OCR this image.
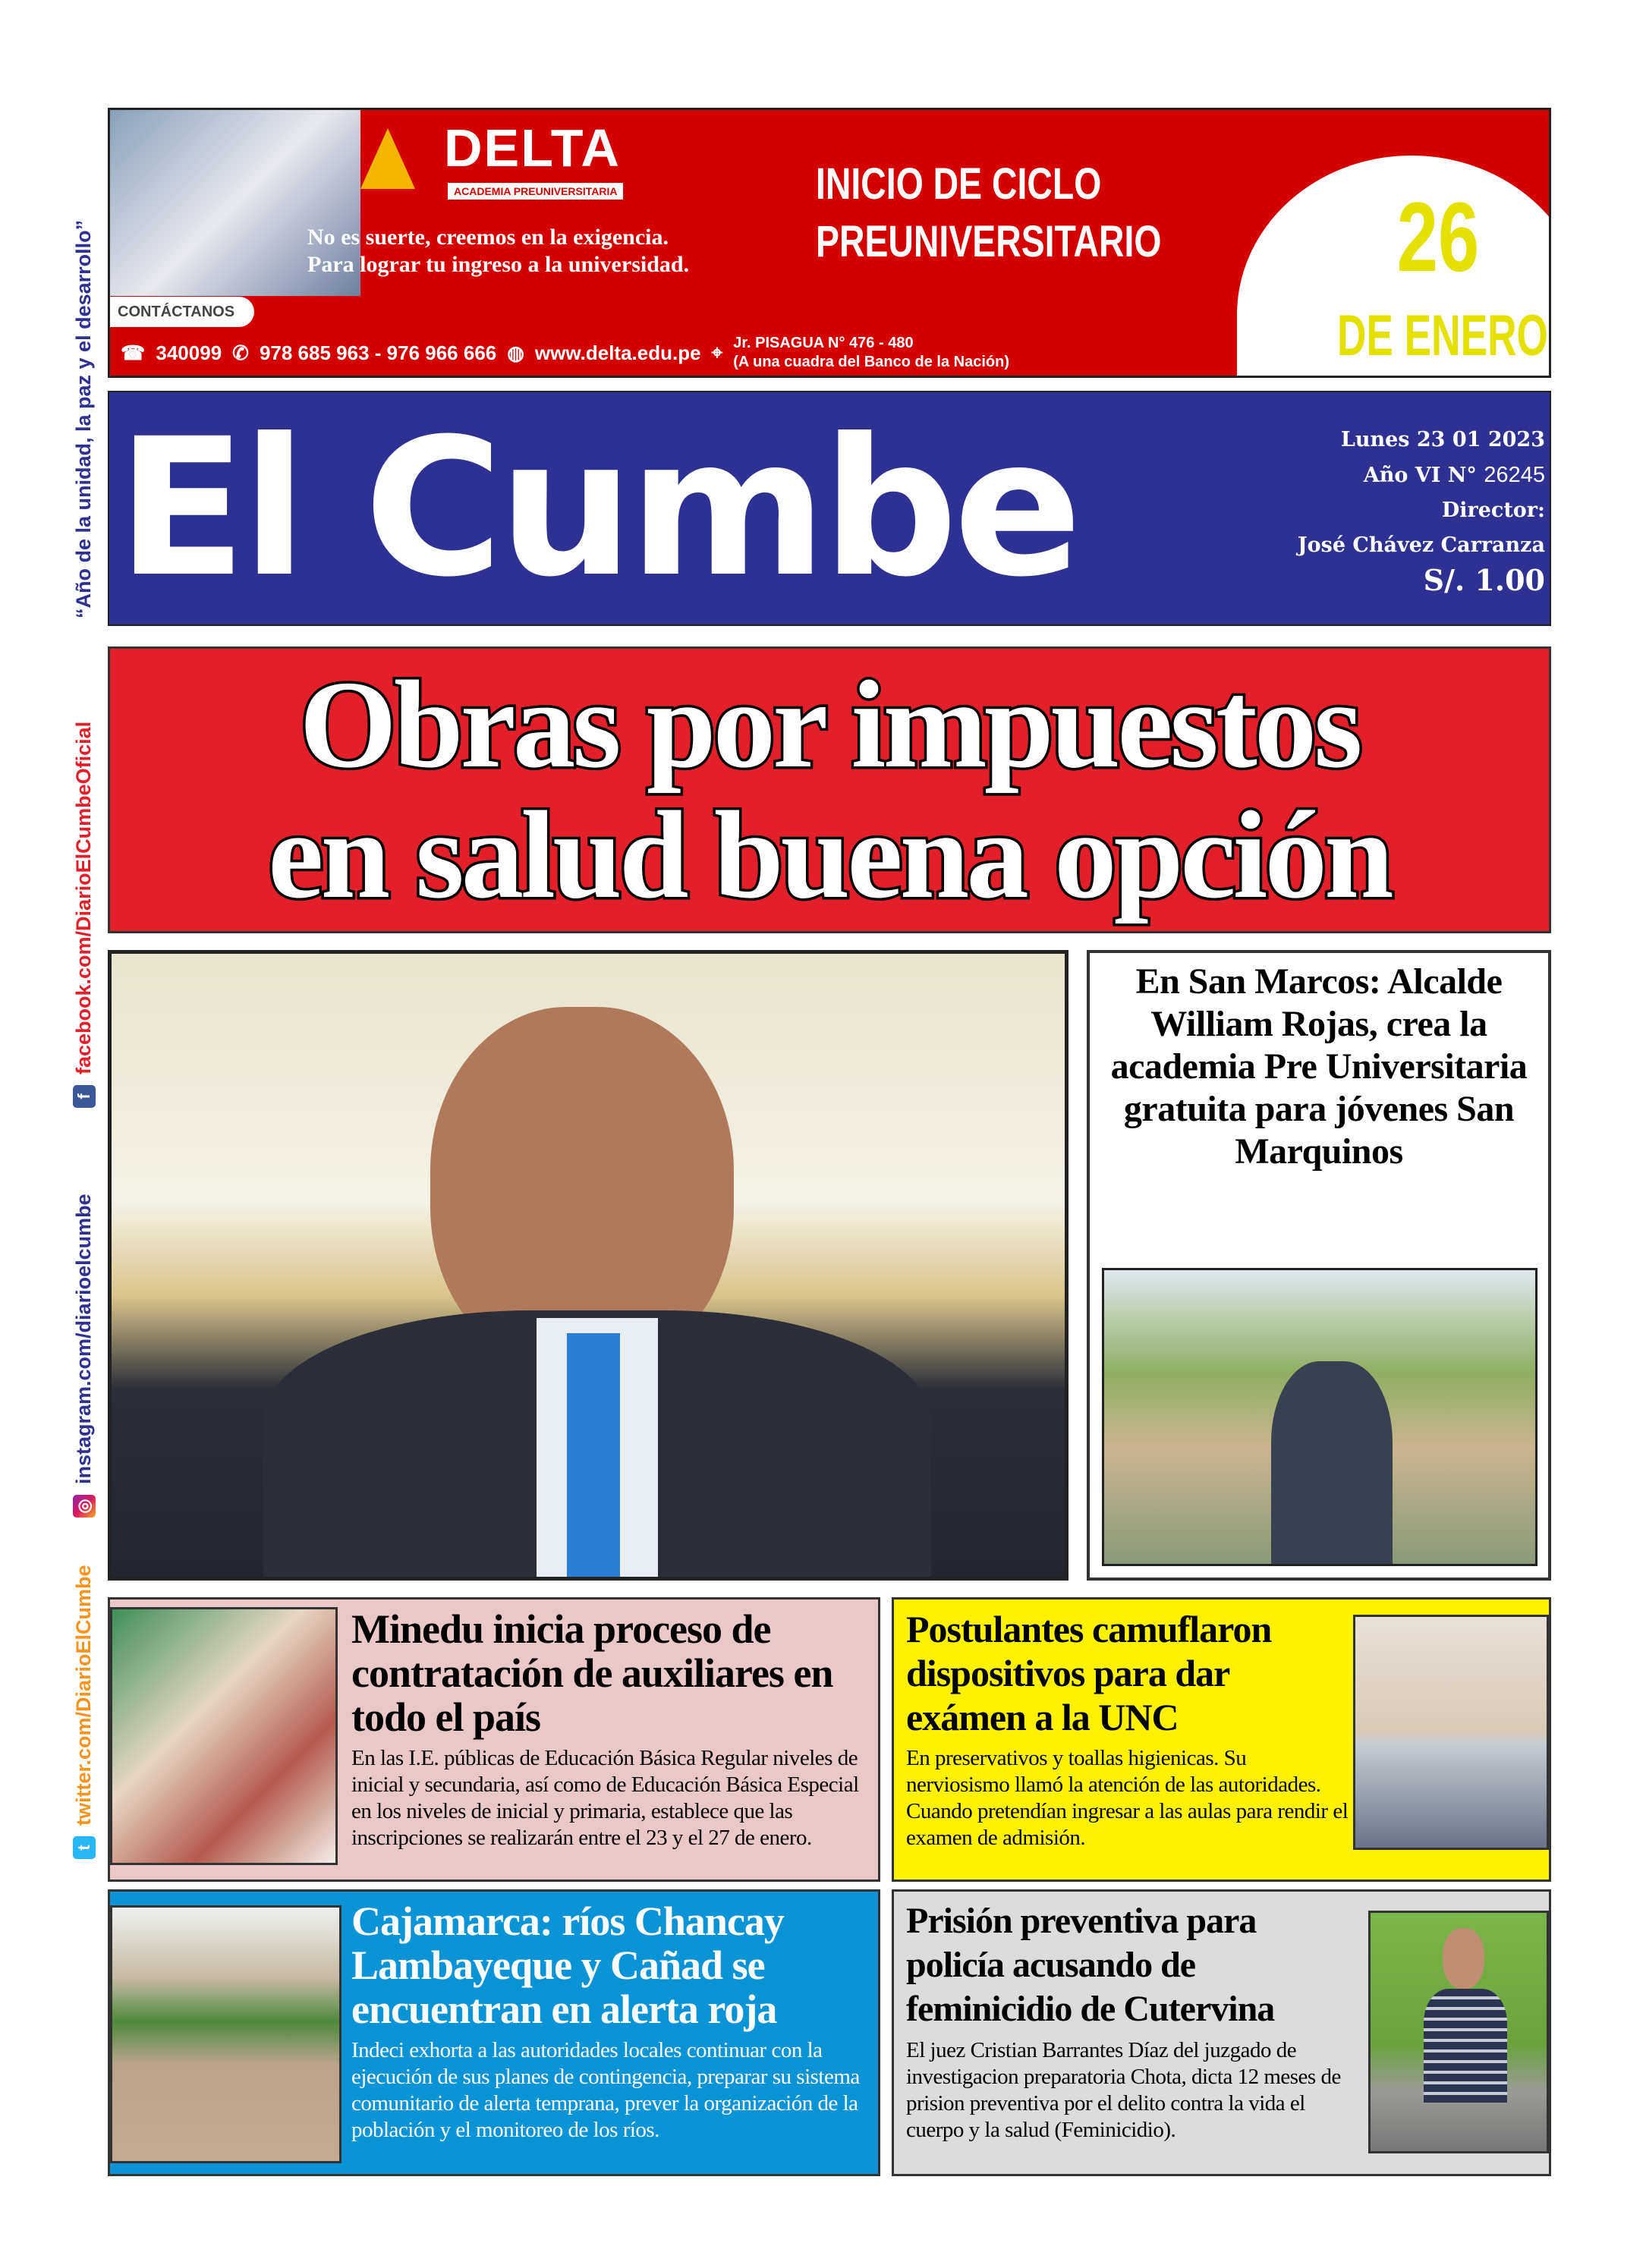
“Año de la unidad, la paz y el desarrollo”
f
facebook.com/DiarioElCumbeOficial
◎
instagram.com/diarioelcumbe
t
twitter.com/DiarioElCumbe
CONTÁCTANOS
DELTA
ACADEMIA PREUNIVERSITARIA
No es suerte, creemos en la exigencia.
Para lograr tu ingreso a la universidad.
INICIO DE CICLO
PREUNIVERSITARIO	26
DE ENERO
☎ 340099 ✆ 978 685 963 - 976 966 666 ◍ www.delta.edu.pe ⌖ Jr. PISAGUA N° 476 - 480
(A una cuadra del Banco de la Nación)
El Cumbe	Lunes 23 01 2023
Año VI N° 26245
Director:
José Chávez Carranza
S/. 1.00
Obras por impuestos
en salud buena opción
En San Marcos: Alcalde William Rojas, crea la academia Pre Universitaria gratuita para jóvenes San Marquinos
Minedu inicia proceso de contratación de auxiliares en todo el país
En las I.E. públicas de Educación Básica Regular niveles de inicial y secundaria, así como de Educación Básica Especial en los niveles de inicial y primaria, establece que las inscripciones se realizarán entre el 23 y el 27 de enero.
Postulantes camuflaron dispositivos para dar exámen a la UNC
En preservativos y toallas higienicas. Su nerviosismo llamó la atención de las autoridades. Cuando pretendían ingresar a las aulas para rendir el examen de admisión.
Cajamarca: ríos Chancay Lambayeque y Cañad se encuentran en alerta roja
Indeci exhorta a las autoridades locales continuar con la ejecución de sus planes de contingencia, preparar su sistema comunitario de alerta temprana, prever la organización de la población y el monitoreo de los ríos.
Prisión preventiva para policía acusando de feminicidio de Cutervina
El juez Cristian Barrantes Díaz del juzgado de investigacion preparatoria Chota, dicta 12 meses de prision preventiva por el delito contra la vida el cuerpo y la salud (Feminicidio).
